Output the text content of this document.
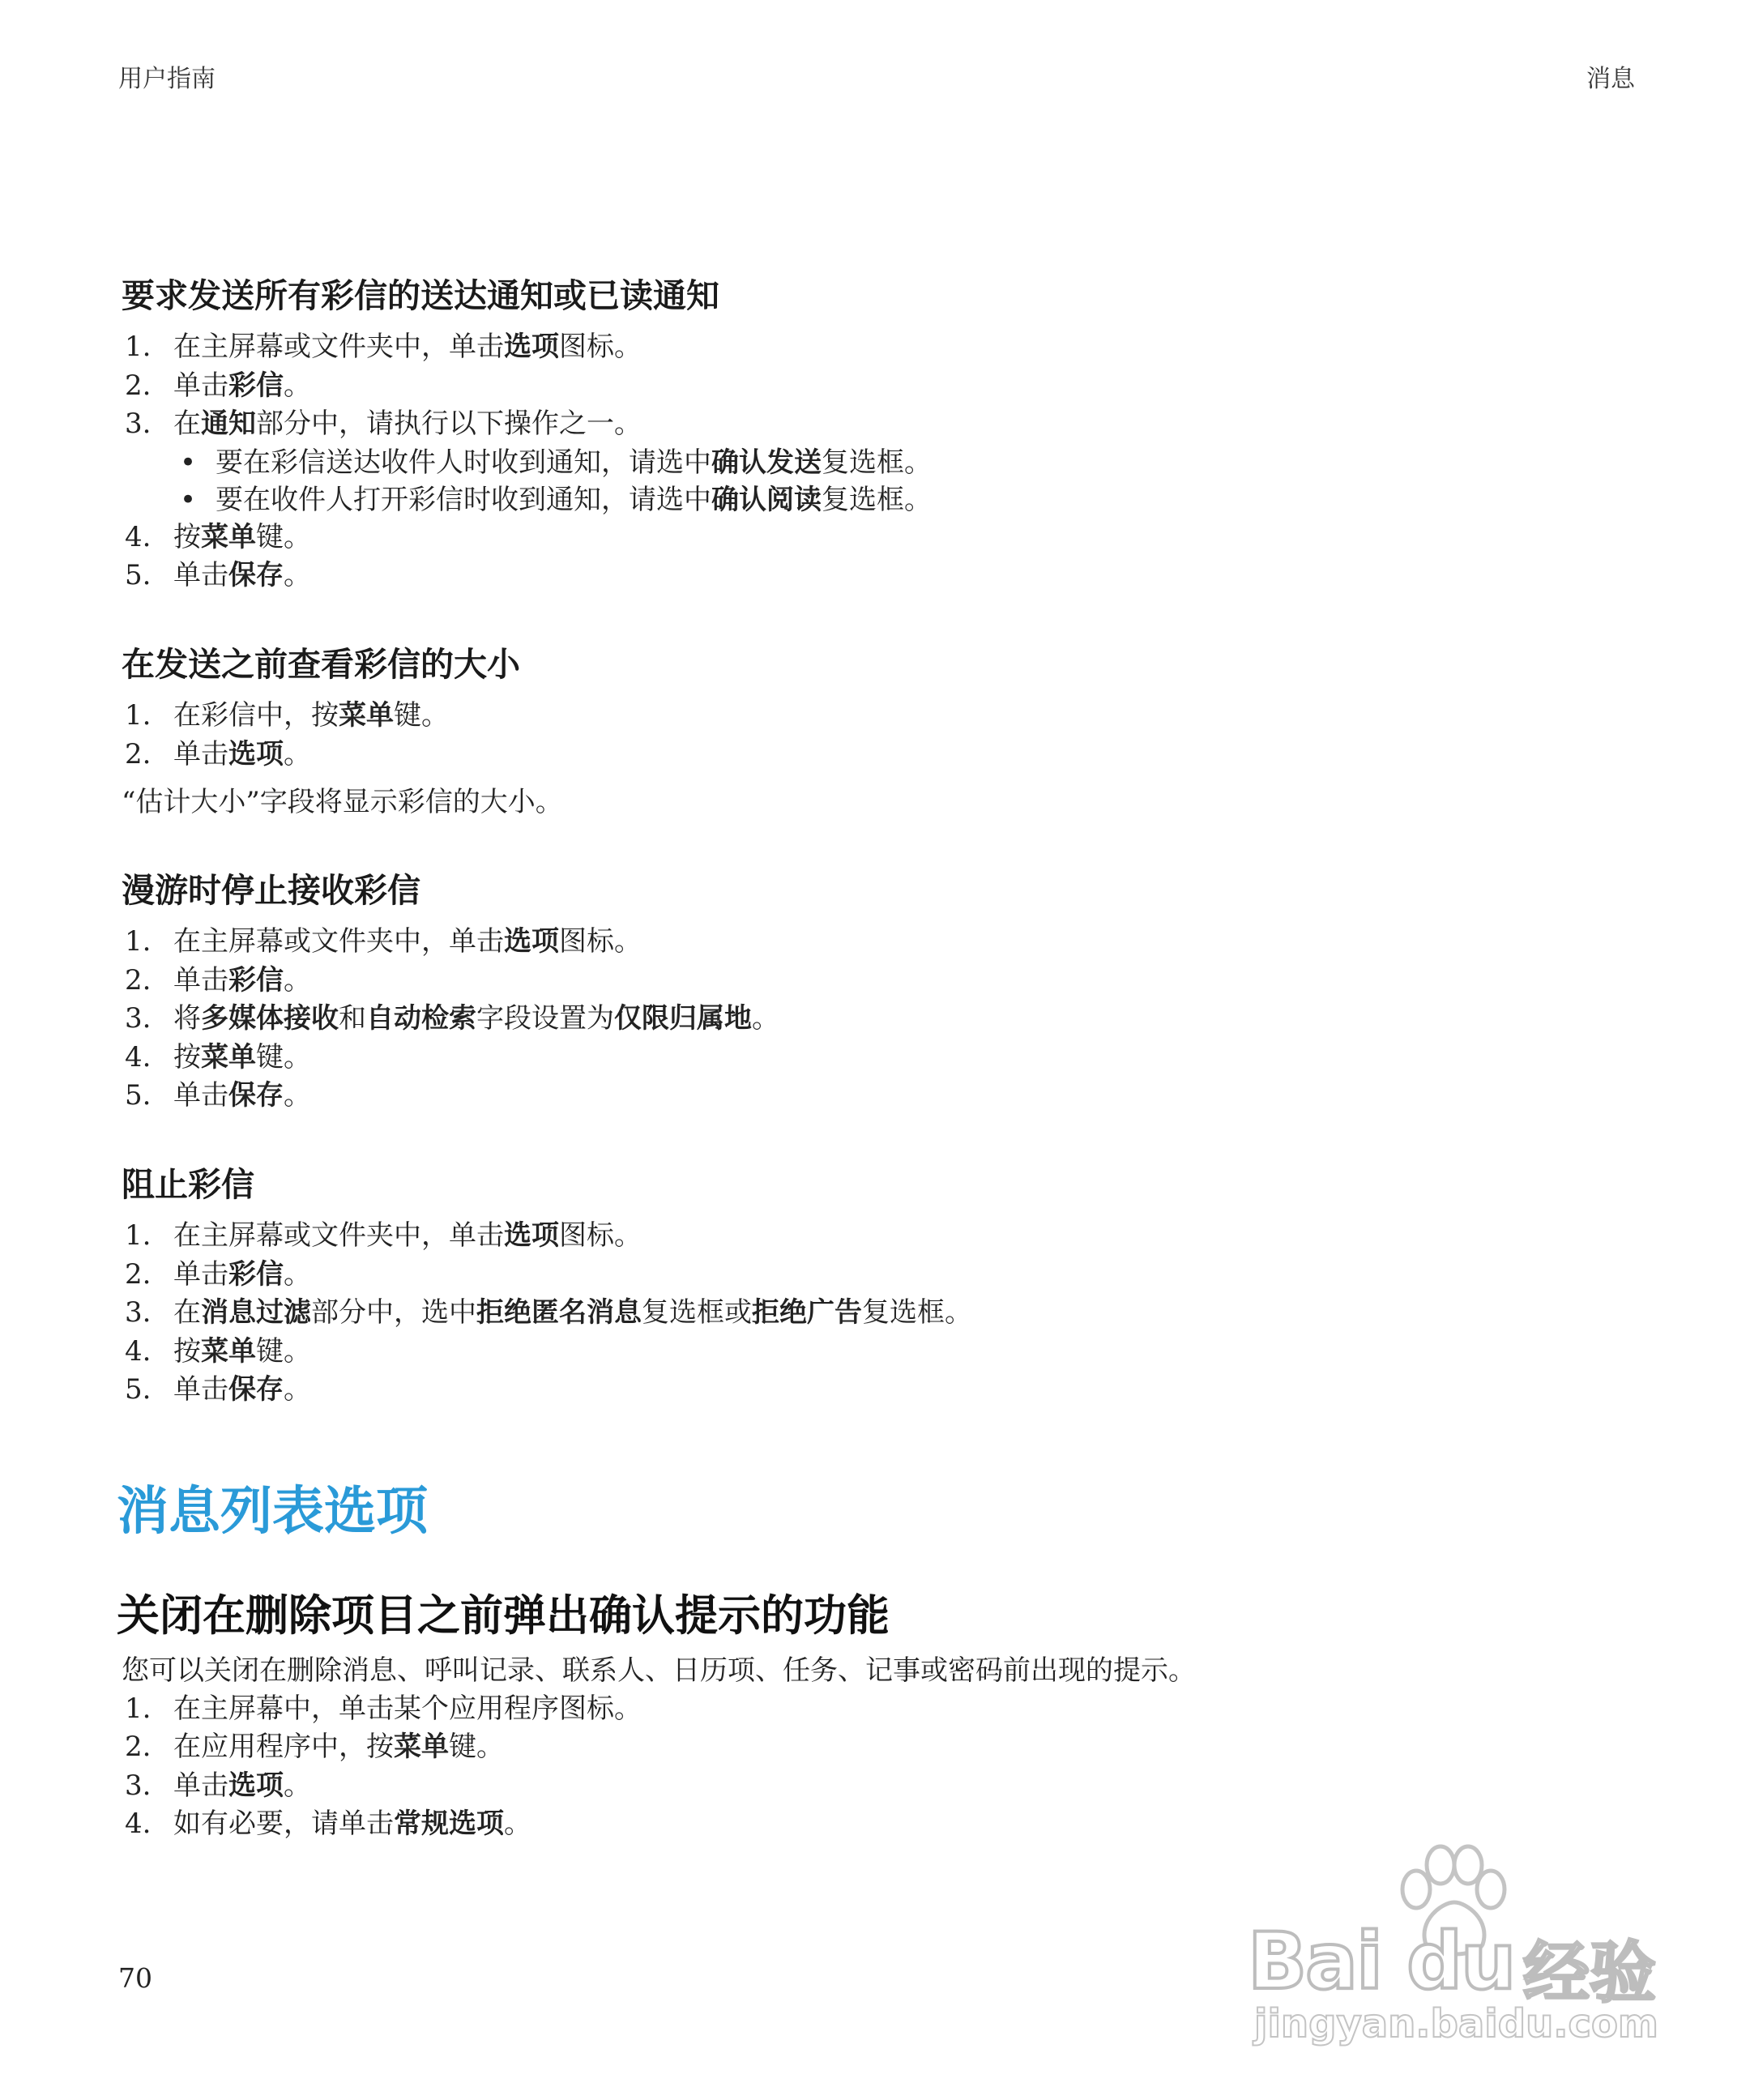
用户指南	消息
要求发送所有彩信的送达通知或已读通知
1. 在主屏幕或文件夹中，单击选项图标。
2. 单击彩信。
3. 在通知部分中，请执行以下操作之一。
• 要在彩信送达收件人时收到通知，请选中确认发送复选框。
• 要在收件人打开彩信时收到通知，请选中确认阅读复选框。
4. 按菜单键。
5. 单击保存。
在发送之前查看彩信的大小
1. 在彩信中，按菜单键。
2. 单击选项。
“估计大小”字段将显示彩信的大小。
漫游时停止接收彩信
1. 在主屏幕或文件夹中，单击选项图标。
2. 单击彩信。
3. 将多媒体接收和自动检索字段设置为仅限归属地。
4. 按菜单键。
5. 单击保存。
阻止彩信
1. 在主屏幕或文件夹中，单击选项图标。
2. 单击彩信。
3. 在消息过滤部分中，选中拒绝匿名消息复选框或拒绝广告复选框。
4. 按菜单键。
5. 单击保存。
消息列表选项
关闭在删除项目之前弹出确认提示的功能
您可以关闭在删除消息、呼叫记录、联系人、日历项、任务、记事或密码前出现的提示。
1. 在主屏幕中，单击某个应用程序图标。
2. 在应用程序中，按菜单键。
3. 单击选项。
4. 如有必要，请单击常规选项。
70	Bai du 经验
jingyan.baidu.com
